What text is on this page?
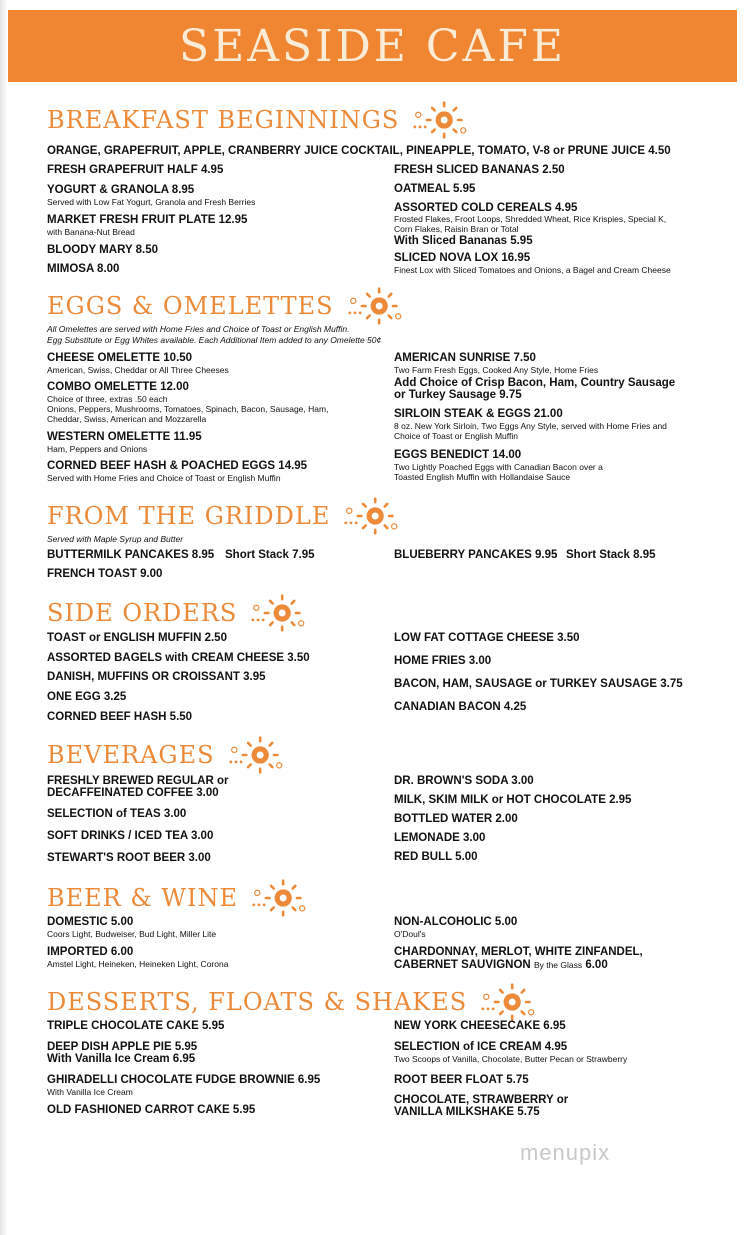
SEASIDE CAFE
BREAKFAST BEGINNINGS
ORANGE, GRAPEFRUIT, APPLE, CRANBERRY JUICE COCKTAIL, PINEAPPLE, TOMATO, V-8 or PRUNE JUICE 4.50
FRESH GRAPEFRUIT HALF 4.95
YOGURT & GRANOLA 8.95
Served with Low Fat Yogurt, Granola and Fresh Berries
MARKET FRESH FRUIT PLATE 12.95
with Banana-Nut Bread
BLOODY MARY 8.50
MIMOSA 8.00
FRESH SLICED BANANAS 2.50
OATMEAL 5.95
ASSORTED COLD CEREALS 4.95
Frosted Flakes, Froot Loops, Shredded Wheat, Rice Krispies, Special K,
Corn Flakes, Raisin Bran or Total
With Sliced Bananas 5.95
SLICED NOVA LOX 16.95
Finest Lox with Sliced Tomatoes and Onions, a Bagel and Cream Cheese
EGGS & OMELETTES
All Omelettes are served with Home Fries and Choice of Toast or English Muffin.
Egg Substitute or Egg Whites available. Each Additional Item added to any Omelette 50¢
CHEESE OMELETTE 10.50
American, Swiss, Cheddar or All Three Cheeses
COMBO OMELETTE 12.00
Choice of three, extras .50 each
Onions, Peppers, Mushrooms, Tomatoes, Spinach, Bacon, Sausage, Ham,
Cheddar, Swiss, American and Mozzarella
WESTERN OMELETTE 11.95
Ham, Peppers and Onions
CORNED BEEF HASH & POACHED EGGS 14.95
Served with Home Fries and Choice of Toast or English Muffin
AMERICAN SUNRISE 7.50
Two Farm Fresh Eggs, Cooked Any Style, Home Fries
Add Choice of Crisp Bacon, Ham, Country Sausage
or Turkey Sausage 9.75
SIRLOIN STEAK & EGGS 21.00
8 oz. New York Sirloin, Two Eggs Any Style, served with Home Fries and
Choice of Toast or English Muffin
EGGS BENEDICT 14.00
Two Lightly Poached Eggs with Canadian Bacon over a
Toasted English Muffin with Hollandaise Sauce
FROM THE GRIDDLE
Served with Maple Syrup and Butter
BUTTERMILK PANCAKES 8.95 Short Stack 7.95
FRENCH TOAST 9.00
BLUEBERRY PANCAKES 9.95 Short Stack 8.95
SIDE ORDERS
TOAST or ENGLISH MUFFIN 2.50
ASSORTED BAGELS with CREAM CHEESE 3.50
DANISH, MUFFINS OR CROISSANT 3.95
ONE EGG 3.25
CORNED BEEF HASH 5.50
LOW FAT COTTAGE CHEESE 3.50
HOME FRIES 3.00
BACON, HAM, SAUSAGE or TURKEY SAUSAGE 3.75
CANADIAN BACON 4.25
BEVERAGES
FRESHLY BREWED REGULAR or
DECAFFEINATED COFFEE 3.00
SELECTION of TEAS 3.00
SOFT DRINKS / ICED TEA 3.00
STEWART'S ROOT BEER 3.00
DR. BROWN'S SODA 3.00
MILK, SKIM MILK or HOT CHOCOLATE 2.95
BOTTLED WATER 2.00
LEMONADE 3.00
RED BULL 5.00
BEER & WINE
DOMESTIC 5.00
Coors Light, Budweiser, Bud Light, Miller Lite
IMPORTED 6.00
Amstel Light, Heineken, Heineken Light, Corona
NON-ALCOHOLIC 5.00
O'Doul's
CHARDONNAY, MERLOT, WHITE ZINFANDEL,
CABERNET SAUVIGNON By the Glass 6.00
DESSERTS, FLOATS & SHAKES
TRIPLE CHOCOLATE CAKE 5.95
DEEP DISH APPLE PIE 5.95
With Vanilla Ice Cream 6.95
GHIRADELLI CHOCOLATE FUDGE BROWNIE 6.95
With Vanilla Ice Cream
OLD FASHIONED CARROT CAKE 5.95
NEW YORK CHEESECAKE 6.95
SELECTION of ICE CREAM 4.95
Two Scoops of Vanilla, Chocolate, Butter Pecan or Strawberry
ROOT BEER FLOAT 5.75
CHOCOLATE, STRAWBERRY or
VANILLA MILKSHAKE 5.75
menupix
